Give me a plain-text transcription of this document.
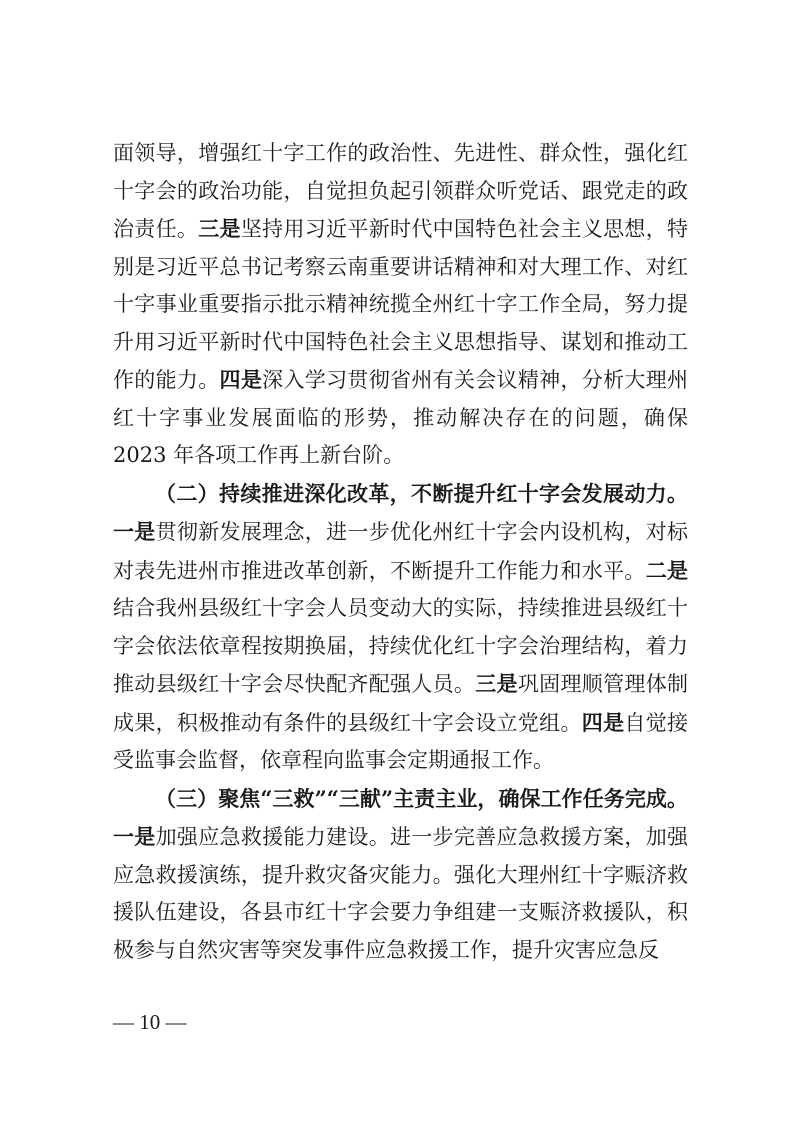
面领导，增强红十字工作的政治性、先进性、群众性，强化红十字会的政治功能，自觉担负起引领群众听党话、跟党走的政治责任。三是坚持用习近平新时代中国特色社会主义思想，特别是习近平总书记考察云南重要讲话精神和对大理工作、对红十字事业重要指示批示精神统揽全州红十字工作全局，努力提升用习近平新时代中国特色社会主义思想指导、谋划和推动工作的能力。四是深入学习贯彻省州有关会议精神，分析大理州红十字事业发展面临的形势，推动解决存在的问题，确保 2023 年各项工作再上新台阶。

（二）持续推进深化改革，不断提升红十字会发展动力。一是贯彻新发展理念，进一步优化州红十字会内设机构，对标对表先进州市推进改革创新，不断提升工作能力和水平。二是结合我州县级红十字会人员变动大的实际，持续推进县级红十字会依法依章程按期换届，持续优化红十字会治理结构，着力推动县级红十字会尽快配齐配强人员。三是巩固理顺管理体制成果，积极推动有条件的县级红十字会设立党组。四是自觉接受监事会监督，依章程向监事会定期通报工作。

（三）聚焦“三救”“三献”主责主业，确保工作任务完成。一是加强应急救援能力建设。进一步完善应急救援方案，加强应急救援演练，提升救灾备灾能力。强化大理州红十字赈济救援队伍建设，各县市红十字会要力争组建一支赈济救援队，积极参与自然灾害等突发事件应急救援工作，提升灾害应急反

— 10 —
